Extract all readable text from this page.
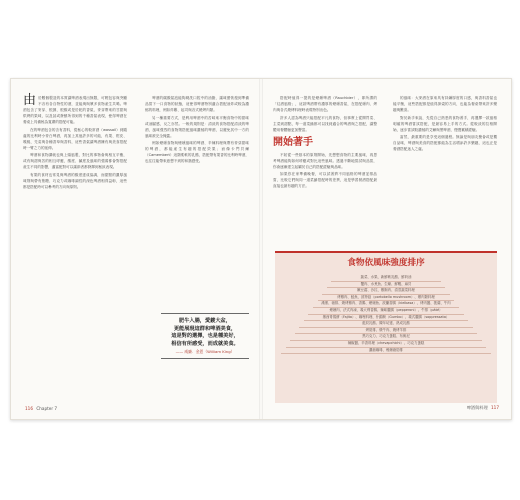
由於數個製造的本質讓啤酒表現出無限，可輕包容與突顯不各有各自特性的酒，並能與與眾多食物產生共鳴。啤酒包含了麥芽、根據、根酸或是於乾的香氣，麥芽帶來的甘甜與烘烤的果味，以及甚或發酵所得到的千種香氣表現，使得啤酒在餐桌上具備極為寬廣的搭配可能。

在的啤酒包含的含有香料，從極心的較常酒（wassail）到隨處的比利時小麥白啤酒，再加上其他許多的可能，有果、柑皮、嗅桃、芫荽與各種香草與香料，這些香氣讓啤酒擁有與美食搭配時一臂之力的延伸。

啤酒和食物講就也與上頭風製，對比的事物會與相互平衡，或有與甜與苦的相互呼應，酸度、鹹度及風味的強弱都會對搭配產生不同的影響，適當配對可以讓兩者都發揮到極致表現。

有果的食材也常見與啤酒的酸度達成協調，而甜點的濃厚風味則與帶有焦糖、巧克力或咖啡調性的深色啤酒相得益彰，這些都是搭配時可以參考的方向與原則。

啤酒的碳酸氣泡能夠刷洗口腔中的油脂，讓味蕾恢復到準備品嘗下一口食物的狀態，這使得啤酒特別適合搭配油炸或較為濃郁的料理，例如炸雞、起司與各式燒烤肉類。

另一種重要方式，是利用啤酒中的苦味來平衡食物中的甜味或油膩感，反之亦然。一般的規則是：清淡的食物搭配清淡的啤酒，風味強烈的食物則搭配風味濃郁的啤酒，以避免其中一方的風味被完全掩蓋。

例如煙燻食物與煙燻風味的啤酒、辛辣料理與帶有麥芽甜味的啤酒，都能產生有趣的搭配效果；而像卡門貝爾（Camembert）這類柔軟的乳酪，搭配帶有果香的比利時啤酒，也往往能帶來意想不到的和諧感受。

肥牛入腸，愛鍍大盆，
更能展現這群和啤酒美食，
這是對的選擇，也是種美好，
相信有所感受，而成就美食。
—— 威廉．金恩（William King）
116 Chapter 7

搭配時值得一提的是煙燻啤酒（Rauchbier），即所謂的「紅酒風格」，這款啤酒帶有濃厚的煙燻香氣，在搭配燻肉、烤肉與各式燒烤料理時表現特別出色。

許多人認為啤酒只能搭配平凡的食物，但事實上從開胃菜、主菜到甜點，每一道菜餚都可以找到適合的啤酒與之搭配，讓整體用餐體驗更加豐富。

開始著手

不妨從一些基本的原則開始，先想想食物的主要風味，再思考啤酒能夠如何呼應或對比這些風味。透過不斷地嘗試與品嘗，你會逐漸建立起屬於自己的搭配經驗與品味。

如果你在家準備晚餐，可以試著將不同風格的啤酒並排品嘗，比較它們與同一道菜餚搭配時的差異，這是學習餐酒搭配最直接也最有趣的方法。

的風味：大麥酒在原來具有持續厚度的口感，與香料香氣也能平衡，這些搭配都是值得探索的方向，也能為餐桌帶來許多樂趣與驚喜。

對於新手來說，先從自己熟悉的食物著手，再選擇一款風格明確的啤酒嘗試搭配，是最容易上手的方式。從較淡的拉格開始，逐步嘗試較濃郁的艾爾與黑啤酒，慢慢累積經驗。

當然，最重要的是享受這個過程。無論是與朋友聚會或是獨自品味，啤酒與美食的搭配都能為生活增添許多樂趣，這也正是餐酒搭配迷人之處。

食物依風味強度排序
蔬菜、水果、新鮮軟乳酪、鮮奶油
蟹肉、水煮魚、生蠔、鮮蝦、扇貝
嫩豆腐、沙拉、雞胸肉、清蒸蔬菜料理
烤雞肉、鮭魚、波特菇（portobello mushroom）、燉肉類料理
漢堡、豬排、燒烤雞肉、香腸、煙燻魚、波蘭香腸（kielbasa）、烤肉醬、披薩、牛肉
煙燻肉、法式肉凍、義大利香腸、辣味臘腸（pepperoni）、牛排（pâté）
墨西哥捲餅（Fajita）、咖哩料理、什錦飯（Gumbo）、義式臘腸（soppressata）
藍紋乳酪、陳年切達、熟成乳酪
烤肋排、燉牛肉、燒烤羊排
黑巧克力、巧克力蛋糕、布朗尼
辣椒醬、辛香料理（chevapchichi）、巧克力蛋糕
濃縮咖啡、煙燻豬肋排
啤酒與料理 117
